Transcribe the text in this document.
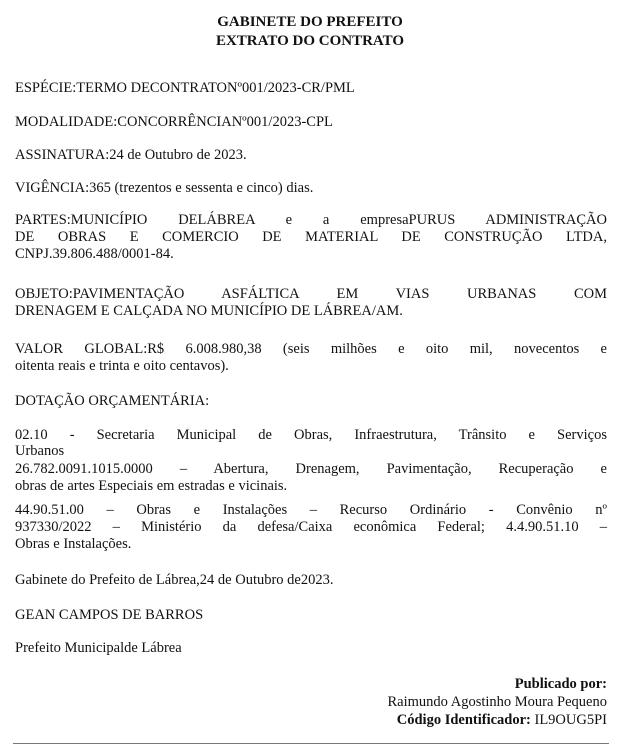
GABINETE DO PREFEITO
EXTRATO DO CONTRATO
ESPÉCIE:TERMO DECONTRATONº001/2023-CR/PML
MODALIDADE:CONCORRÊNCIANº001/2023-CPL
ASSINATURA:24 de Outubro de 2023.
VIGÊNCIA:365 (trezentos e sessenta e cinco) dias.
PARTES:MUNICÍPIO DELÁBREA e a empresaPURUS ADMINISTRAÇÃO
DE OBRAS E COMERCIO DE MATERIAL DE CONSTRUÇÃO LTDA,
CNPJ.39.806.488/0001-84.
OBJETO:PAVIMENTAÇÃO ASFÁLTICA EM VIAS URBANAS COM
DRENAGEM E CALÇADA NO MUNICÍPIO DE LÁBREA/AM.
VALOR GLOBAL:R$ 6.008.980,38 (seis milhões e oito mil, novecentos e
oitenta reais e trinta e oito centavos).
DOTAÇÃO ORÇAMENTÁRIA:
02.10 - Secretaria Municipal de Obras, Infraestrutura, Trânsito e Serviços
Urbanos
26.782.0091.1015.0000 – Abertura, Drenagem, Pavimentação, Recuperação e
obras de artes Especiais em estradas e vicinais.
44.90.51.00 – Obras e Instalações – Recurso Ordinário - Convênio nº
937330/2022 – Ministério da defesa/Caixa econômica Federal; 4.4.90.51.10 –
Obras e Instalações.
Gabinete do Prefeito de Lábrea,24 de Outubro de2023.
GEAN CAMPOS DE BARROS
Prefeito Municipalde Lábrea
Publicado por:
Raimundo Agostinho Moura Pequeno
Código Identificador: IL9OUG5PI
